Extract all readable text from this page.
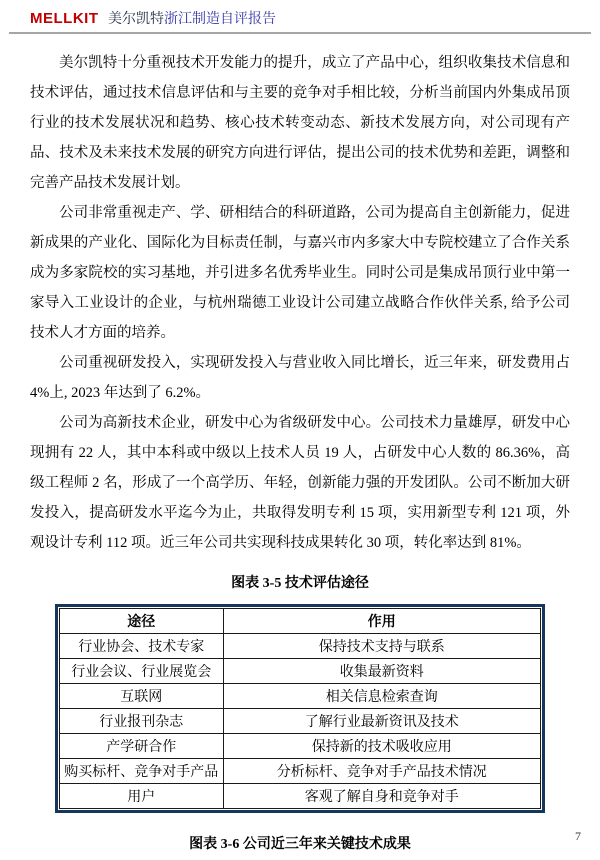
MELLKIT 美尔凯特浙江制造自评报告

美尔凯特十分重视技术开发能力的提升，成立了产品中心，组织收集技术信息和技术评估，通过技术信息评估和与主要的竞争对手相比较，分析当前国内外集成吊顶行业的技术发展状况和趋势、核心技术转变动态、新技术发展方向，对公司现有产品、技术及未来技术发展的研究方向进行评估，提出公司的技术优势和差距，调整和完善产品技术发展计划。

公司非常重视走产、学、研相结合的科研道路，公司为提高自主创新能力，促进新成果的产业化、国际化为目标责任制，与嘉兴市内多家大中专院校建立了合作关系成为多家院校的实习基地，并引进多名优秀毕业生。同时公司是集成吊顶行业中第一家导入工业设计的企业，与杭州瑞德工业设计公司建立战略合作伙伴关系, 给予公司技术人才方面的培养。

公司重视研发投入，实现研发投入与营业收入同比增长，近三年来，研发费用占 4%上, 2023 年达到了 6.2%。

公司为高新技术企业，研发中心为省级研发中心。公司技术力量雄厚，研发中心现拥有 22 人，其中本科或中级以上技术人员 19 人，占研发中心人数的 86.36%，高级工程师 2 名，形成了一个高学历、年轻，创新能力强的开发团队。公司不断加大研发投入，提高研发水平迄今为止，共取得发明专利 15 项，实用新型专利 121 项，外观设计专利 112 项。近三年公司共实现科技成果转化 30 项，转化率达到 81%。

图表 3-5 技术评估途径

途径	作用
行业协会、技术专家	保持技术支持与联系
行业会议、行业展览会	收集最新资料
互联网	相关信息检索查询
行业报刊杂志	了解行业最新资讯及技术
产学研合作	保持新的技术吸收应用
购买标杆、竞争对手产品	分析标杆、竞争对手产品技术情况
用户	客观了解自身和竞争对手

图表 3-6 公司近三年来关键技术成果

7
